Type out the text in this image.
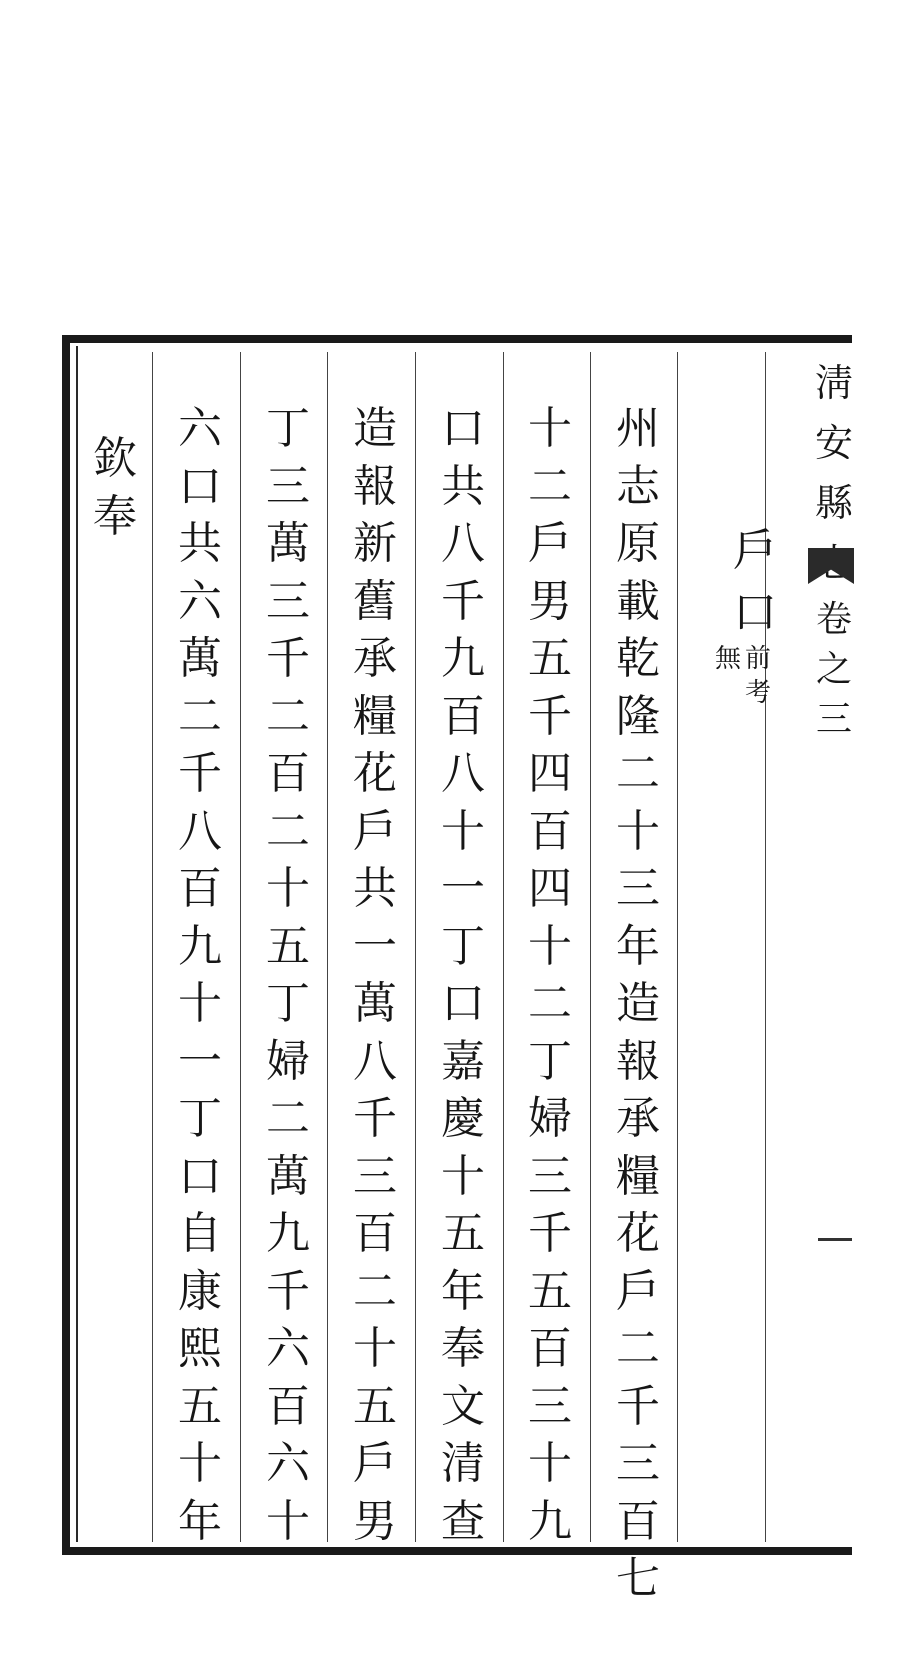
淸
安
縣
卷
之
三
戶
口
無 前
考
州
志
原
載
乾
隆
二
十
三
年
造
報
承
糧
花
戶
二
千
三
百
七
十
二
戶
男
五
千
四
百
四
十
二
丁
婦
三
千
五
百
三
十
九
口
共
八
千
九
百
八
十
一
丁
口
嘉
慶
十
五
年
奉
文
清
查
造
報
新
舊
承
糧
花
戶
共
一
萬
八
千
三
百
二
十
五
戶
男
丁
三
萬
三
千
二
百
二
十
五
丁
婦
二
萬
九
千
六
百
六
十
六
口
共
六
萬
二
千
八
百
九
十
一
丁
口
自
康
熙
五
十
年
欽
奉
